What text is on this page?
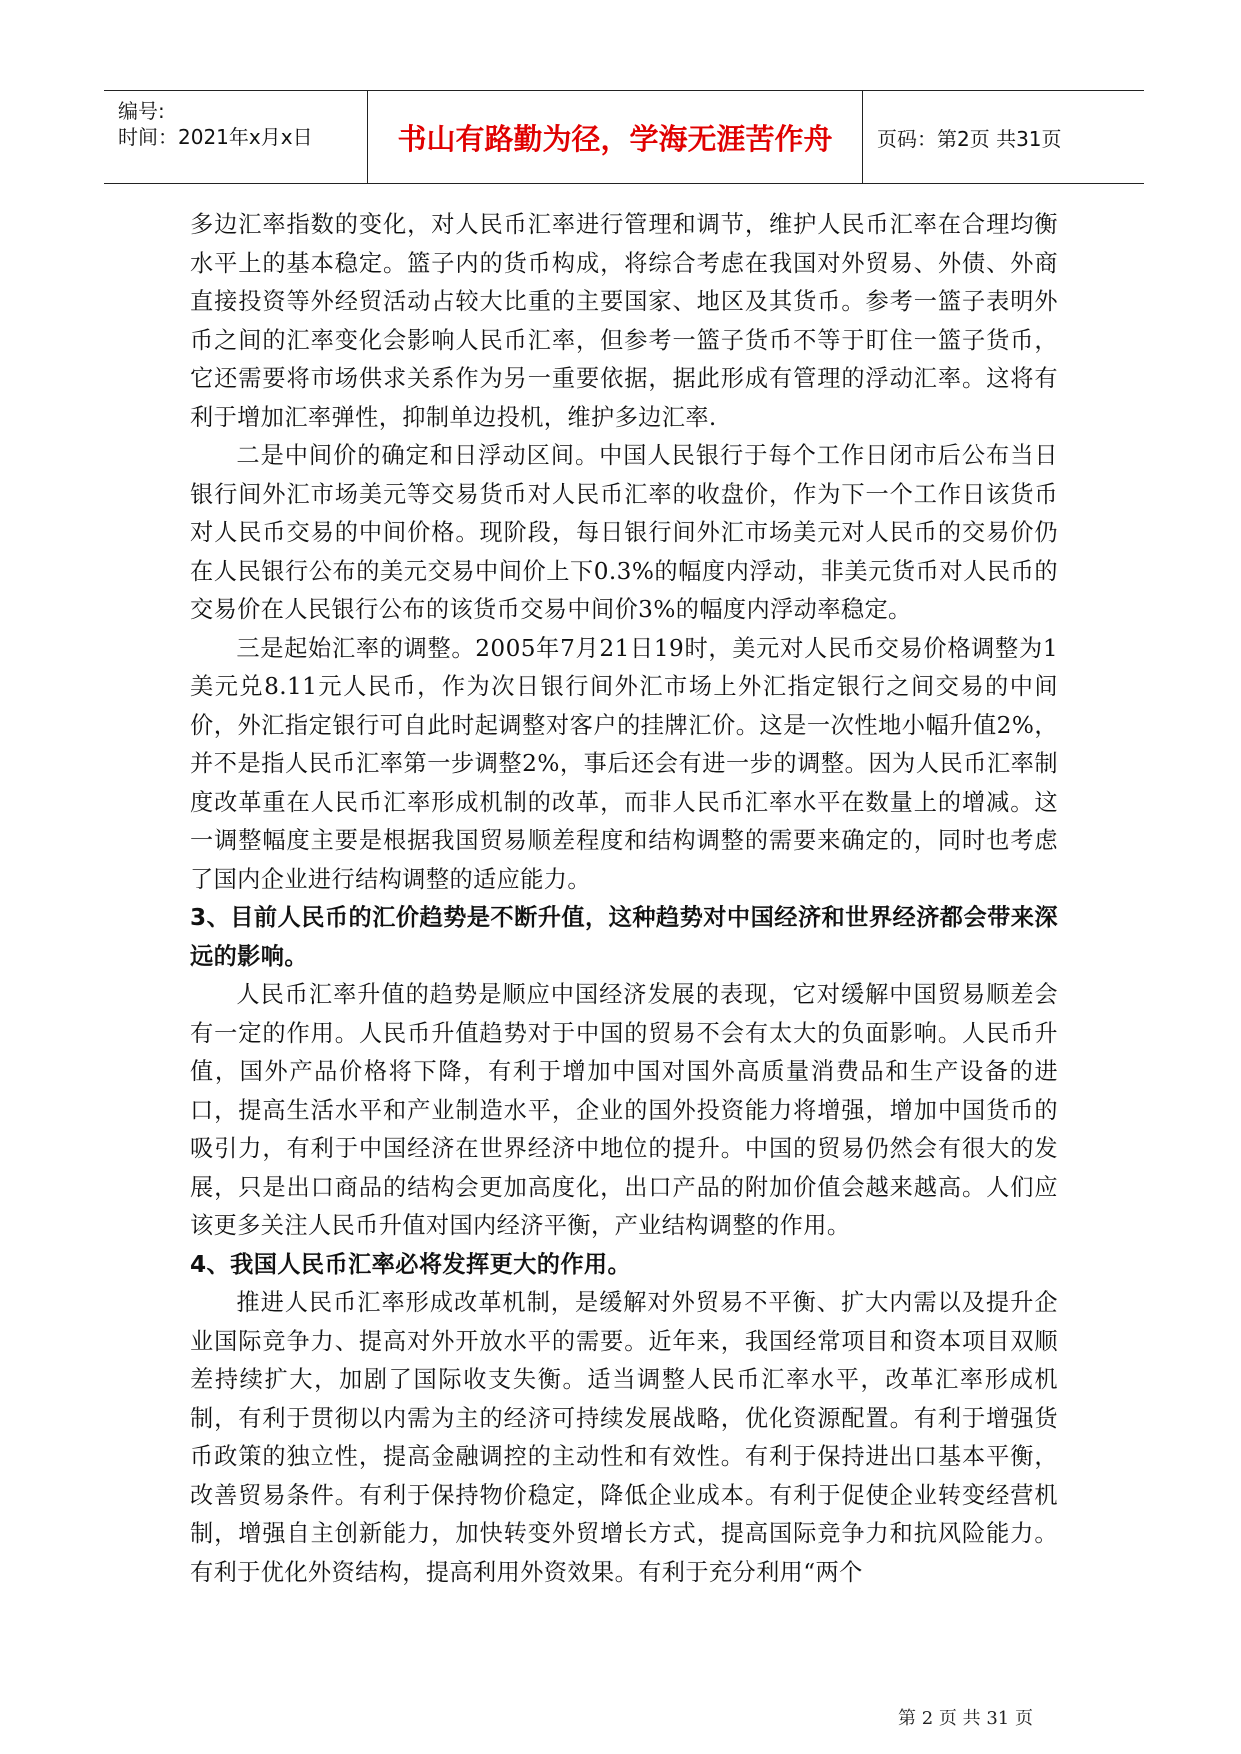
编号:
时间：2021年x月x日	书山有路勤为径，学海无涯苦作舟	页码：第2页 共31页

多边汇率指数的变化，对人民币汇率进行管理和调节，维护人民币汇率在合理均衡水平上的基本稳定。篮子内的货币构成，将综合考虑在我国对外贸易、外债、外商直接投资等外经贸活动占较大比重的主要国家、地区及其货币。参考一篮子表明外币之间的汇率变化会影响人民币汇率，但参考一篮子货币不等于盯住一篮子货币，它还需要将市场供求关系作为另一重要依据，据此形成有管理的浮动汇率。这将有利于增加汇率弹性，抑制单边投机，维护多边汇率.

二是中间价的确定和日浮动区间。中国人民银行于每个工作日闭市后公布当日银行间外汇市场美元等交易货币对人民币汇率的收盘价，作为下一个工作日该货币对人民币交易的中间价格。现阶段，每日银行间外汇市场美元对人民币的交易价仍在人民银行公布的美元交易中间价上下0.3%的幅度内浮动，非美元货币对人民币的交易价在人民银行公布的该货币交易中间价3%的幅度内浮动率稳定。

三是起始汇率的调整。2005年7月21日19时，美元对人民币交易价格调整为1美元兑8.11元人民币，作为次日银行间外汇市场上外汇指定银行之间交易的中间价，外汇指定银行可自此时起调整对客户的挂牌汇价。这是一次性地小幅升值2%，并不是指人民币汇率第一步调整2%，事后还会有进一步的调整。因为人民币汇率制度改革重在人民币汇率形成机制的改革，而非人民币汇率水平在数量上的增减。这一调整幅度主要是根据我国贸易顺差程度和结构调整的需要来确定的，同时也考虑了国内企业进行结构调整的适应能力。

3、目前人民币的汇价趋势是不断升值，这种趋势对中国经济和世界经济都会带来深远的影响。

人民币汇率升值的趋势是顺应中国经济发展的表现，它对缓解中国贸易顺差会有一定的作用。人民币升值趋势对于中国的贸易不会有太大的负面影响。人民币升值，国外产品价格将下降，有利于增加中国对国外高质量消费品和生产设备的进口，提高生活水平和产业制造水平，企业的国外投资能力将增强，增加中国货币的吸引力，有利于中国经济在世界经济中地位的提升。中国的贸易仍然会有很大的发展，只是出口商品的结构会更加高度化，出口产品的附加价值会越来越高。人们应该更多关注人民币升值对国内经济平衡，产业结构调整的作用。

4、我国人民币汇率必将发挥更大的作用。

推进人民币汇率形成改革机制，是缓解对外贸易不平衡、扩大内需以及提升企业国际竞争力、提高对外开放水平的需要。近年来，我国经常项目和资本项目双顺差持续扩大，加剧了国际收支失衡。适当调整人民币汇率水平，改革汇率形成机制，有利于贯彻以内需为主的经济可持续发展战略，优化资源配置。有利于增强货币政策的独立性，提高金融调控的主动性和有效性。有利于保持进出口基本平衡，改善贸易条件。有利于保持物价稳定，降低企业成本。有利于促使企业转变经营机制，增强自主创新能力，加快转变外贸增长方式，提高国际竞争力和抗风险能力。有利于优化外资结构，提高利用外资效果。有利于充分利用“两个

第 2 页 共 31 页
